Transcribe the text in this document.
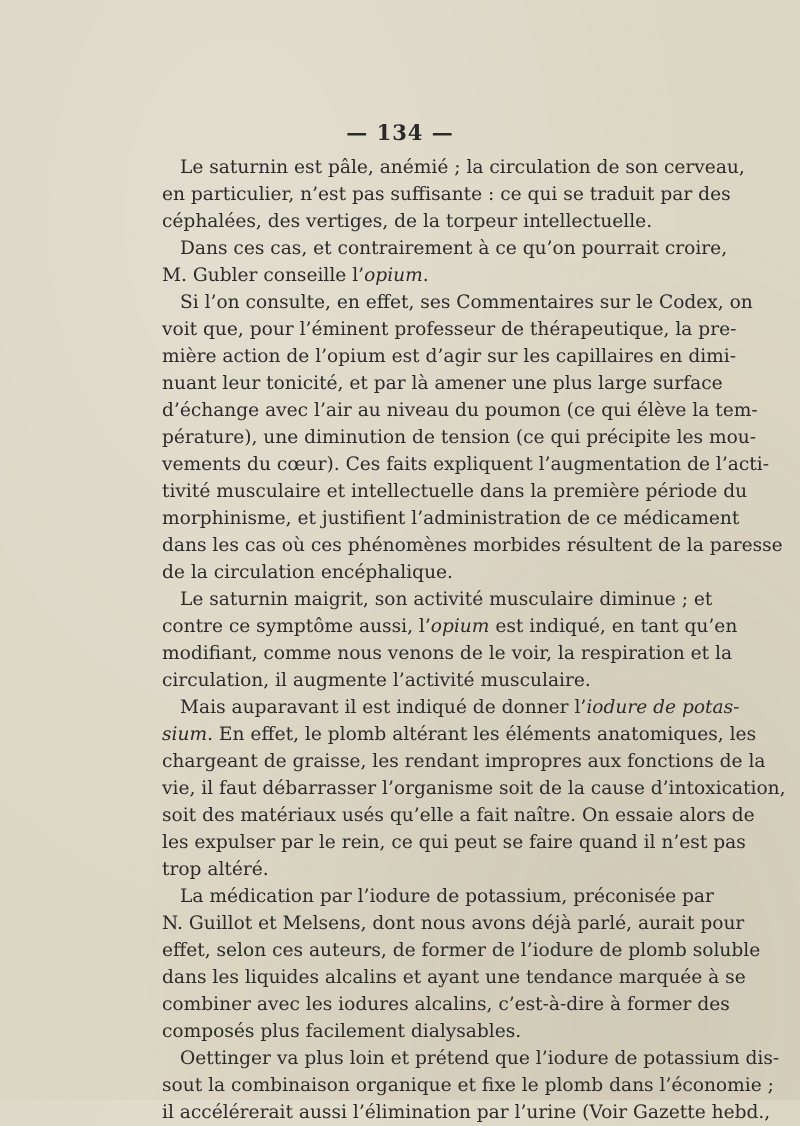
— 134 —
Le saturnin est pâle, anémié ; la circulation de son cerveau,
en particulier, n’est pas suffisante : ce qui se traduit par des
céphalées, des vertiges, de la torpeur intellectuelle.
Dans ces cas, et contrairement à ce qu’on pourrait croire,
M. Gubler conseille l’opium.
Si l’on consulte, en effet, ses Commentaires sur le Codex, on
voit que, pour l’éminent professeur de thérapeutique, la pre-
mière action de l’opium est d’agir sur les capillaires en dimi-
nuant leur tonicité, et par là amener une plus large surface
d’échange avec l’air au niveau du poumon (ce qui élève la tem-
pérature), une diminution de tension (ce qui précipite les mou-
vements du cœur). Ces faits expliquent l’augmentation de l’acti-
tivité musculaire et intellectuelle dans la première période du
morphinisme, et justifient l’administration de ce médicament
dans les cas où ces phénomènes morbides résultent de la paresse
de la circulation encéphalique.
Le saturnin maigrit, son activité musculaire diminue ; et
contre ce symptôme aussi, l’opium est indiqué, en tant qu’en
modifiant, comme nous venons de le voir, la respiration et la
circulation, il augmente l’activité musculaire.
Mais auparavant il est indiqué de donner l’iodure de potas-
sium. En effet, le plomb altérant les éléments anatomiques, les
chargeant de graisse, les rendant impropres aux fonctions de la
vie, il faut débarrasser l’organisme soit de la cause d’intoxication,
soit des matériaux usés qu’elle a fait naître. On essaie alors de
les expulser par le rein, ce qui peut se faire quand il n’est pas
trop altéré.
La médication par l’iodure de potassium, préconisée par
N. Guillot et Melsens, dont nous avons déjà parlé, aurait pour
effet, selon ces auteurs, de former de l’iodure de plomb soluble
dans les liquides alcalins et ayant une tendance marquée à se
combiner avec les iodures alcalins, c’est-à-dire à former des
composés plus facilement dialysables.
Oettinger va plus loin et prétend que l’iodure de potassium dis-
sout la combinaison organique et fixe le plomb dans l’économie ;
il accélérerait aussi l’élimination par l’urine (Voir Gazette hebd.,
